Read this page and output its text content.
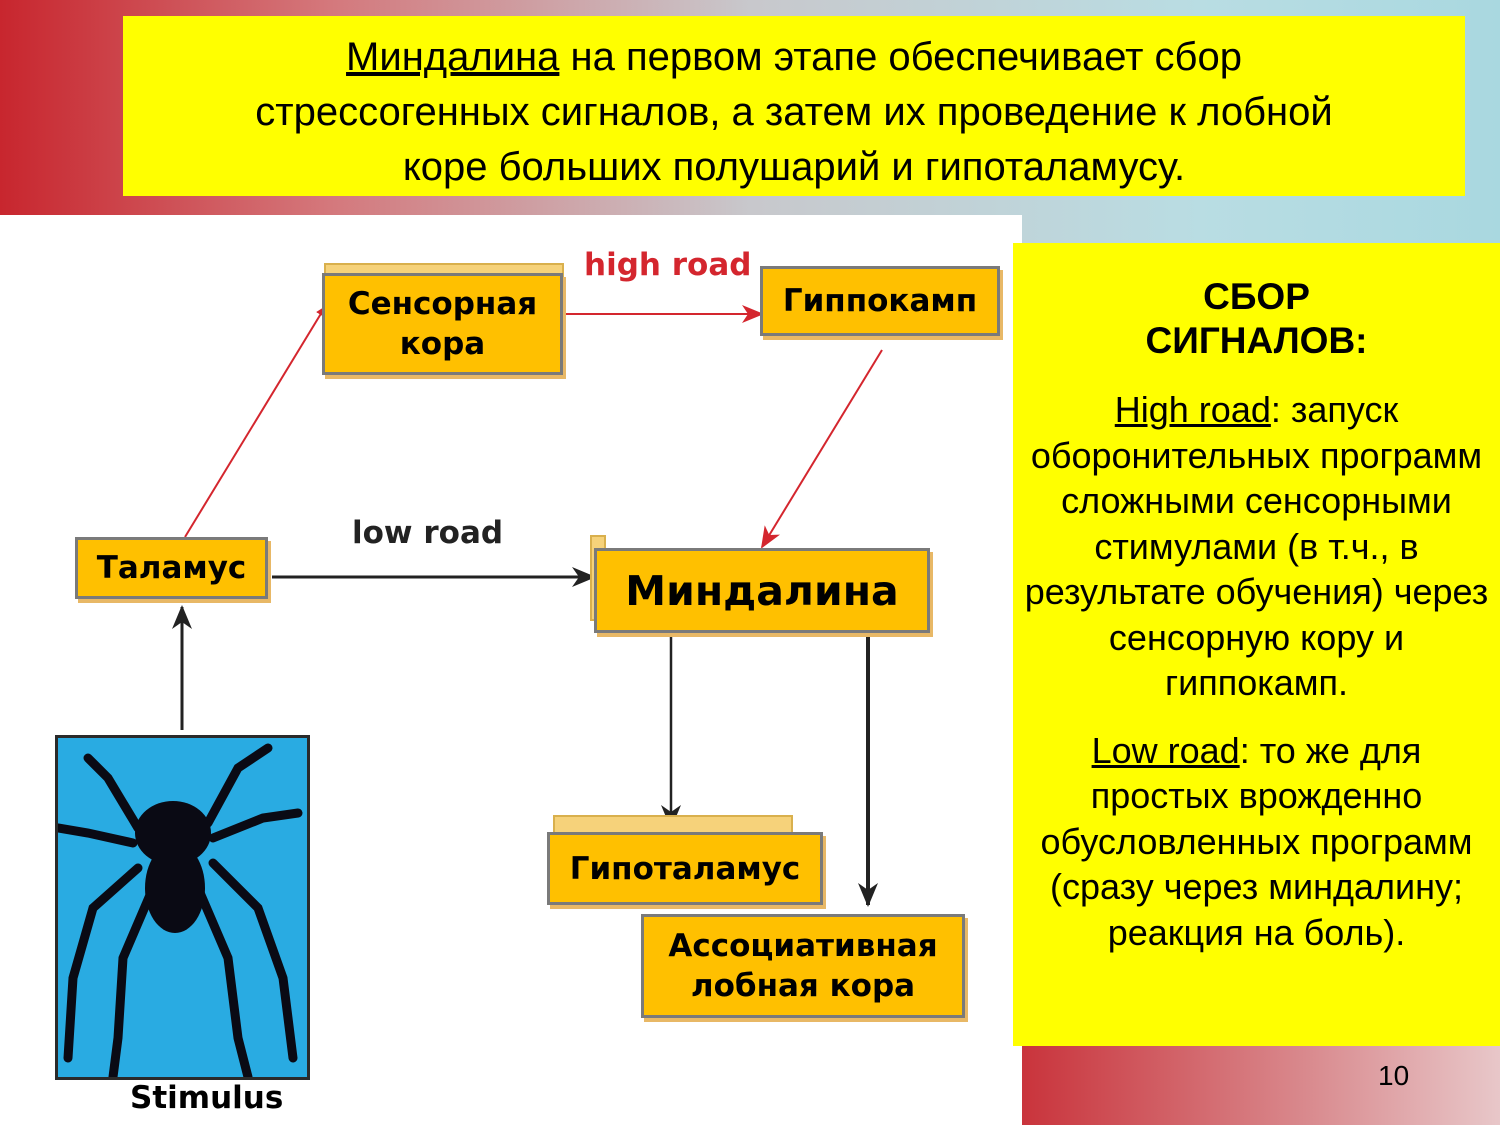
Миндалина на первом этапе обеспечивает сбор
стрессогенных сигналов, а затем их проведение к лобной
коре больших полушарий и гипоталамусу.
high road
low road
Сенсорная кора
Гиппокамп
Таламус	Миндалина
Гипоталамус
Ассоциативная лобная кора
Stimulus
СБОР СИГНАЛОВ:

High road: запуск оборонительных программ сложными сенсорными стимулами (в т.ч., в результате обучения) через сенсорную кору и гиппокамп.

Low road: то же для простых врожденно обусловленных программ (сразу через миндалину; реакция на боль).

10
